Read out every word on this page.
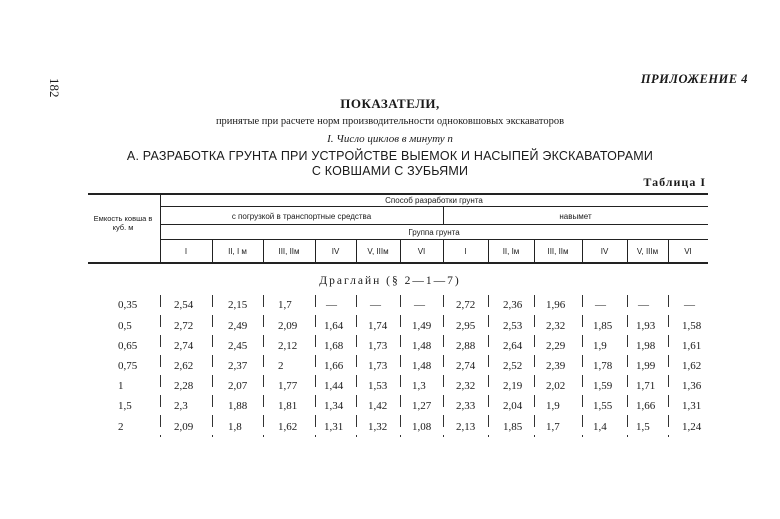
182	ПРИЛОЖЕНИЕ 4
ПОКАЗАТЕЛИ,
принятые при расчете норм производительности одноковшовых экскаваторов
I. Число циклов в минуту n
А. РАЗРАБОТКА ГРУНТА ПРИ УСТРОЙСТВЕ ВЫЕМОК И НАСЫПЕЙ ЭКСКАВАТОРАМИ
С КОВШАМИ С ЗУБЬЯМИ
Таблица I
Емкость ковша в куб. м
Способ разработки грунта
с погрузкой в транспортные средства	навымет
Группа грунта
I	II, I м	III, IIм	IV	V, IIIм	VI	I	II, Iм	III, IIм	IV	V, IIIм	VI
Драглайн (§ 2—1—7)
0,35	2,54	2,15	1,7	—	—	—	2,72	2,36 1,96	—	—	—
0,5	2,72	2,49	2,09 1,64 1,74 1,49 2,95	2,53 2,32	1,85 1,93 1,58
0,65	2,74	2,45	2,12 1,68 1,73 1,48 2,88	2,64 2,29	1,9	1,98 1,61
0,75	2,62	2,37	2	1,66 1,73 1,48 2,74	2,52 2,39	1,78 1,99 1,62
1	2,28	2,07	1,77 1,44 1,53 1,3	2,32	2,19 2,02	1,59 1,71 1,36
1,5	2,3	1,88	1,81 1,34 1,42 1,27 2,33	2,04 1,9	1,55 1,66 1,31
2	2,09	1,8	1,62 1,31 1,32 1,08 2,13	1,85 1,7	1,4	1,5	1,24
